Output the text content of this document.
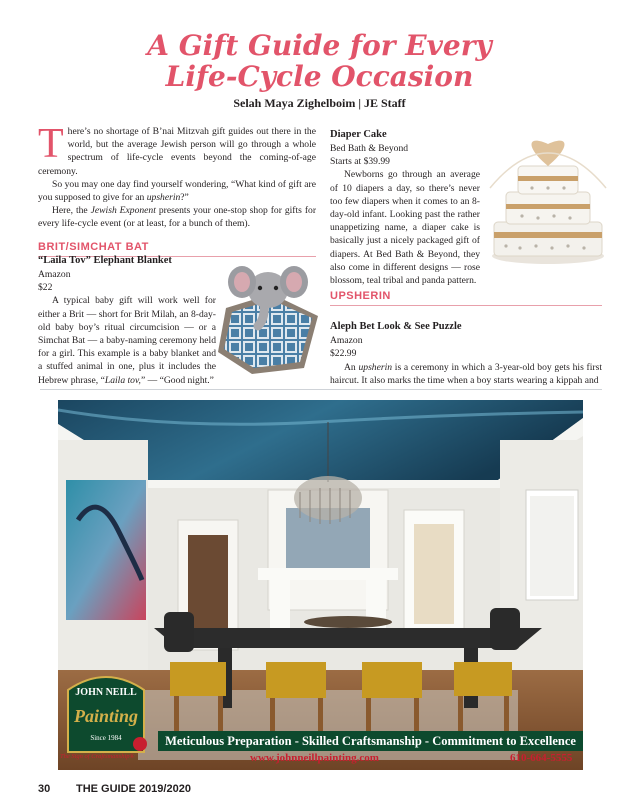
A Gift Guide for Every
Life-Cycle Occasion
Selah Maya Zighelboim | JE Staff

There’s no shortage of B’nai Mitzvah gift guides out there in the world, but the average Jewish person will go through a whole spectrum of life-cycle events beyond the coming-of-age ceremony.

So you may one day find yourself wondering, “What kind of gift are you supposed to give for an upsherin?”

Here, the Jewish Exponent presents your one-stop shop for gifts for every life-cycle event (or at least, for a bunch of them).

BRIT/SIMCHAT BAT
“Laila Tov” Elephant Blanket

Amazon

$22

A typical baby gift will work well for either a Brit — short for Brit Milah, an 8-day-old baby boy’s ritual circumcision — or a Simchat Bat — a baby-naming ceremony held for a girl. This example is a baby blanket and a stuffed animal in one, plus it includes the Hebrew phrase, “Laila tov,” — “Good night.”

Diaper Cake

Bed Bath & Beyond

Starts at $39.99

Newborns go through an average of 10 diapers a day, so there’s never too few diapers when it comes to an 8-day-old infant. Looking past the rather unappetizing name, a diaper cake is basically just a nicely packaged gift of diapers. At Bed Bath & Beyond, they also come in different designs — rose blossom, teal tribal and panda pattern.

UPSHERIN
Aleph Bet Look & See Puzzle

Amazon

$22.99

An upsherin is a ceremony in which a 3-year-old boy gets his first haircut. It also marks the time when a boy starts wearing a kippah and

JOHN NEILL
Painting
Since 1984	Meticulous Preparation - Skilled Craftsmanship - Commitment to Excellence
The Sign of Craftsmanship®	www.johnneillpainting.com	610-664-5555
30 THE GUIDE 2019/2020
